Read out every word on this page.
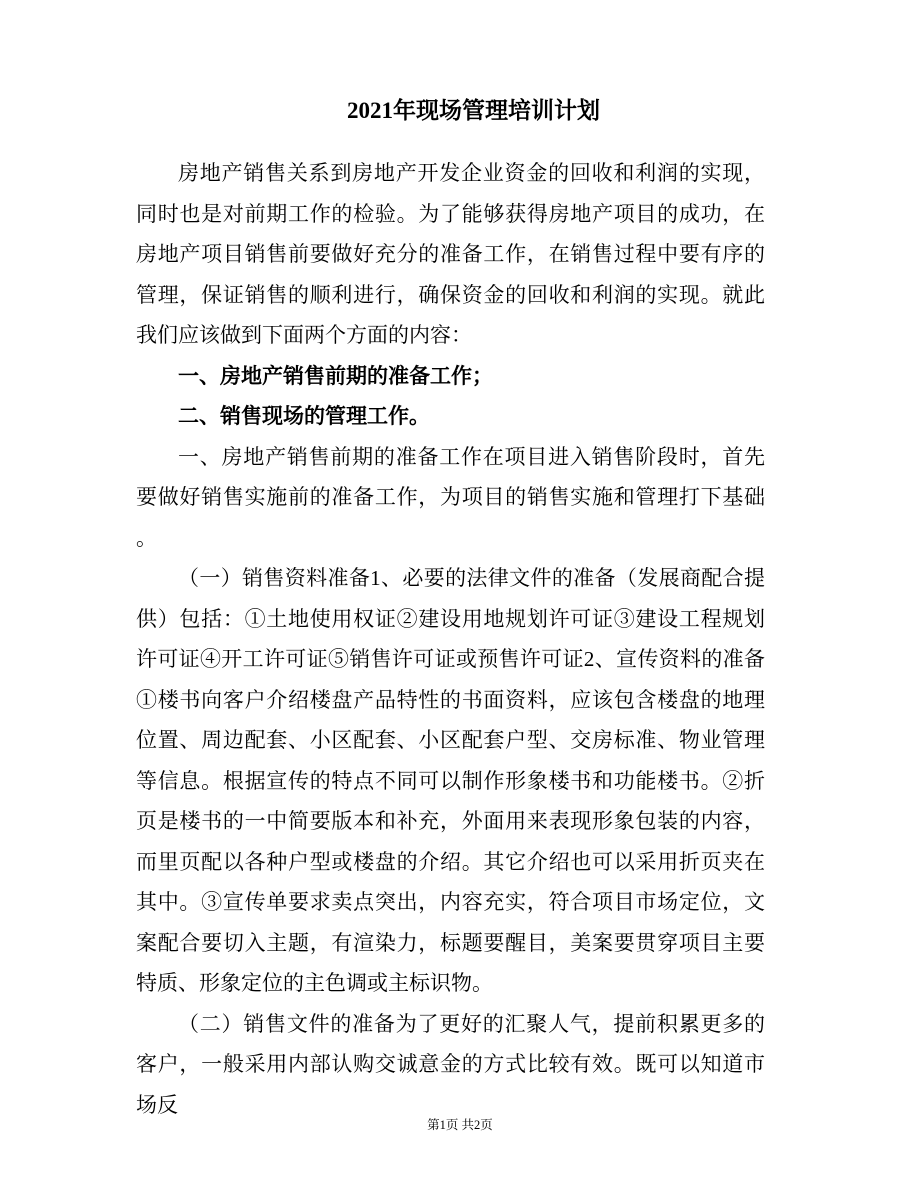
2021年现场管理培训计划

房地产销售关系到房地产开发企业资金的回收和利润的实现，同时也是对前期工作的检验。为了能够获得房地产项目的成功，在房地产项目销售前要做好充分的准备工作，在销售过程中要有序的管理，保证销售的顺利进行，确保资金的回收和利润的实现。就此我们应该做到下面两个方面的内容：

一、房地产销售前期的准备工作；

二、销售现场的管理工作。

一、房地产销售前期的准备工作在项目进入销售阶段时，首先要做好销售实施前的准备工作，为项目的销售实施和管理打下基础。

（一）销售资料准备1、必要的法律文件的准备（发展商配合提供）包括：①土地使用权证②建设用地规划许可证③建设工程规划许可证④开工许可证⑤销售许可证或预售许可证2、宣传资料的准备①楼书向客户介绍楼盘产品特性的书面资料，应该包含楼盘的地理位置、周边配套、小区配套、小区配套户型、交房标准、物业管理等信息。根据宣传的特点不同可以制作形象楼书和功能楼书。②折页是楼书的一中简要版本和补充，外面用来表现形象包装的内容，而里页配以各种户型或楼盘的介绍。其它介绍也可以采用折页夹在其中。③宣传单要求卖点突出，内容充实，符合项目市场定位，文案配合要切入主题，有渲染力，标题要醒目，美案要贯穿项目主要特质、形象定位的主色调或主标识物。

（二）销售文件的准备为了更好的汇聚人气，提前积累更多的客户，一般采用内部认购交诚意金的方式比较有效。既可以知道市场反

第1页 共2页
